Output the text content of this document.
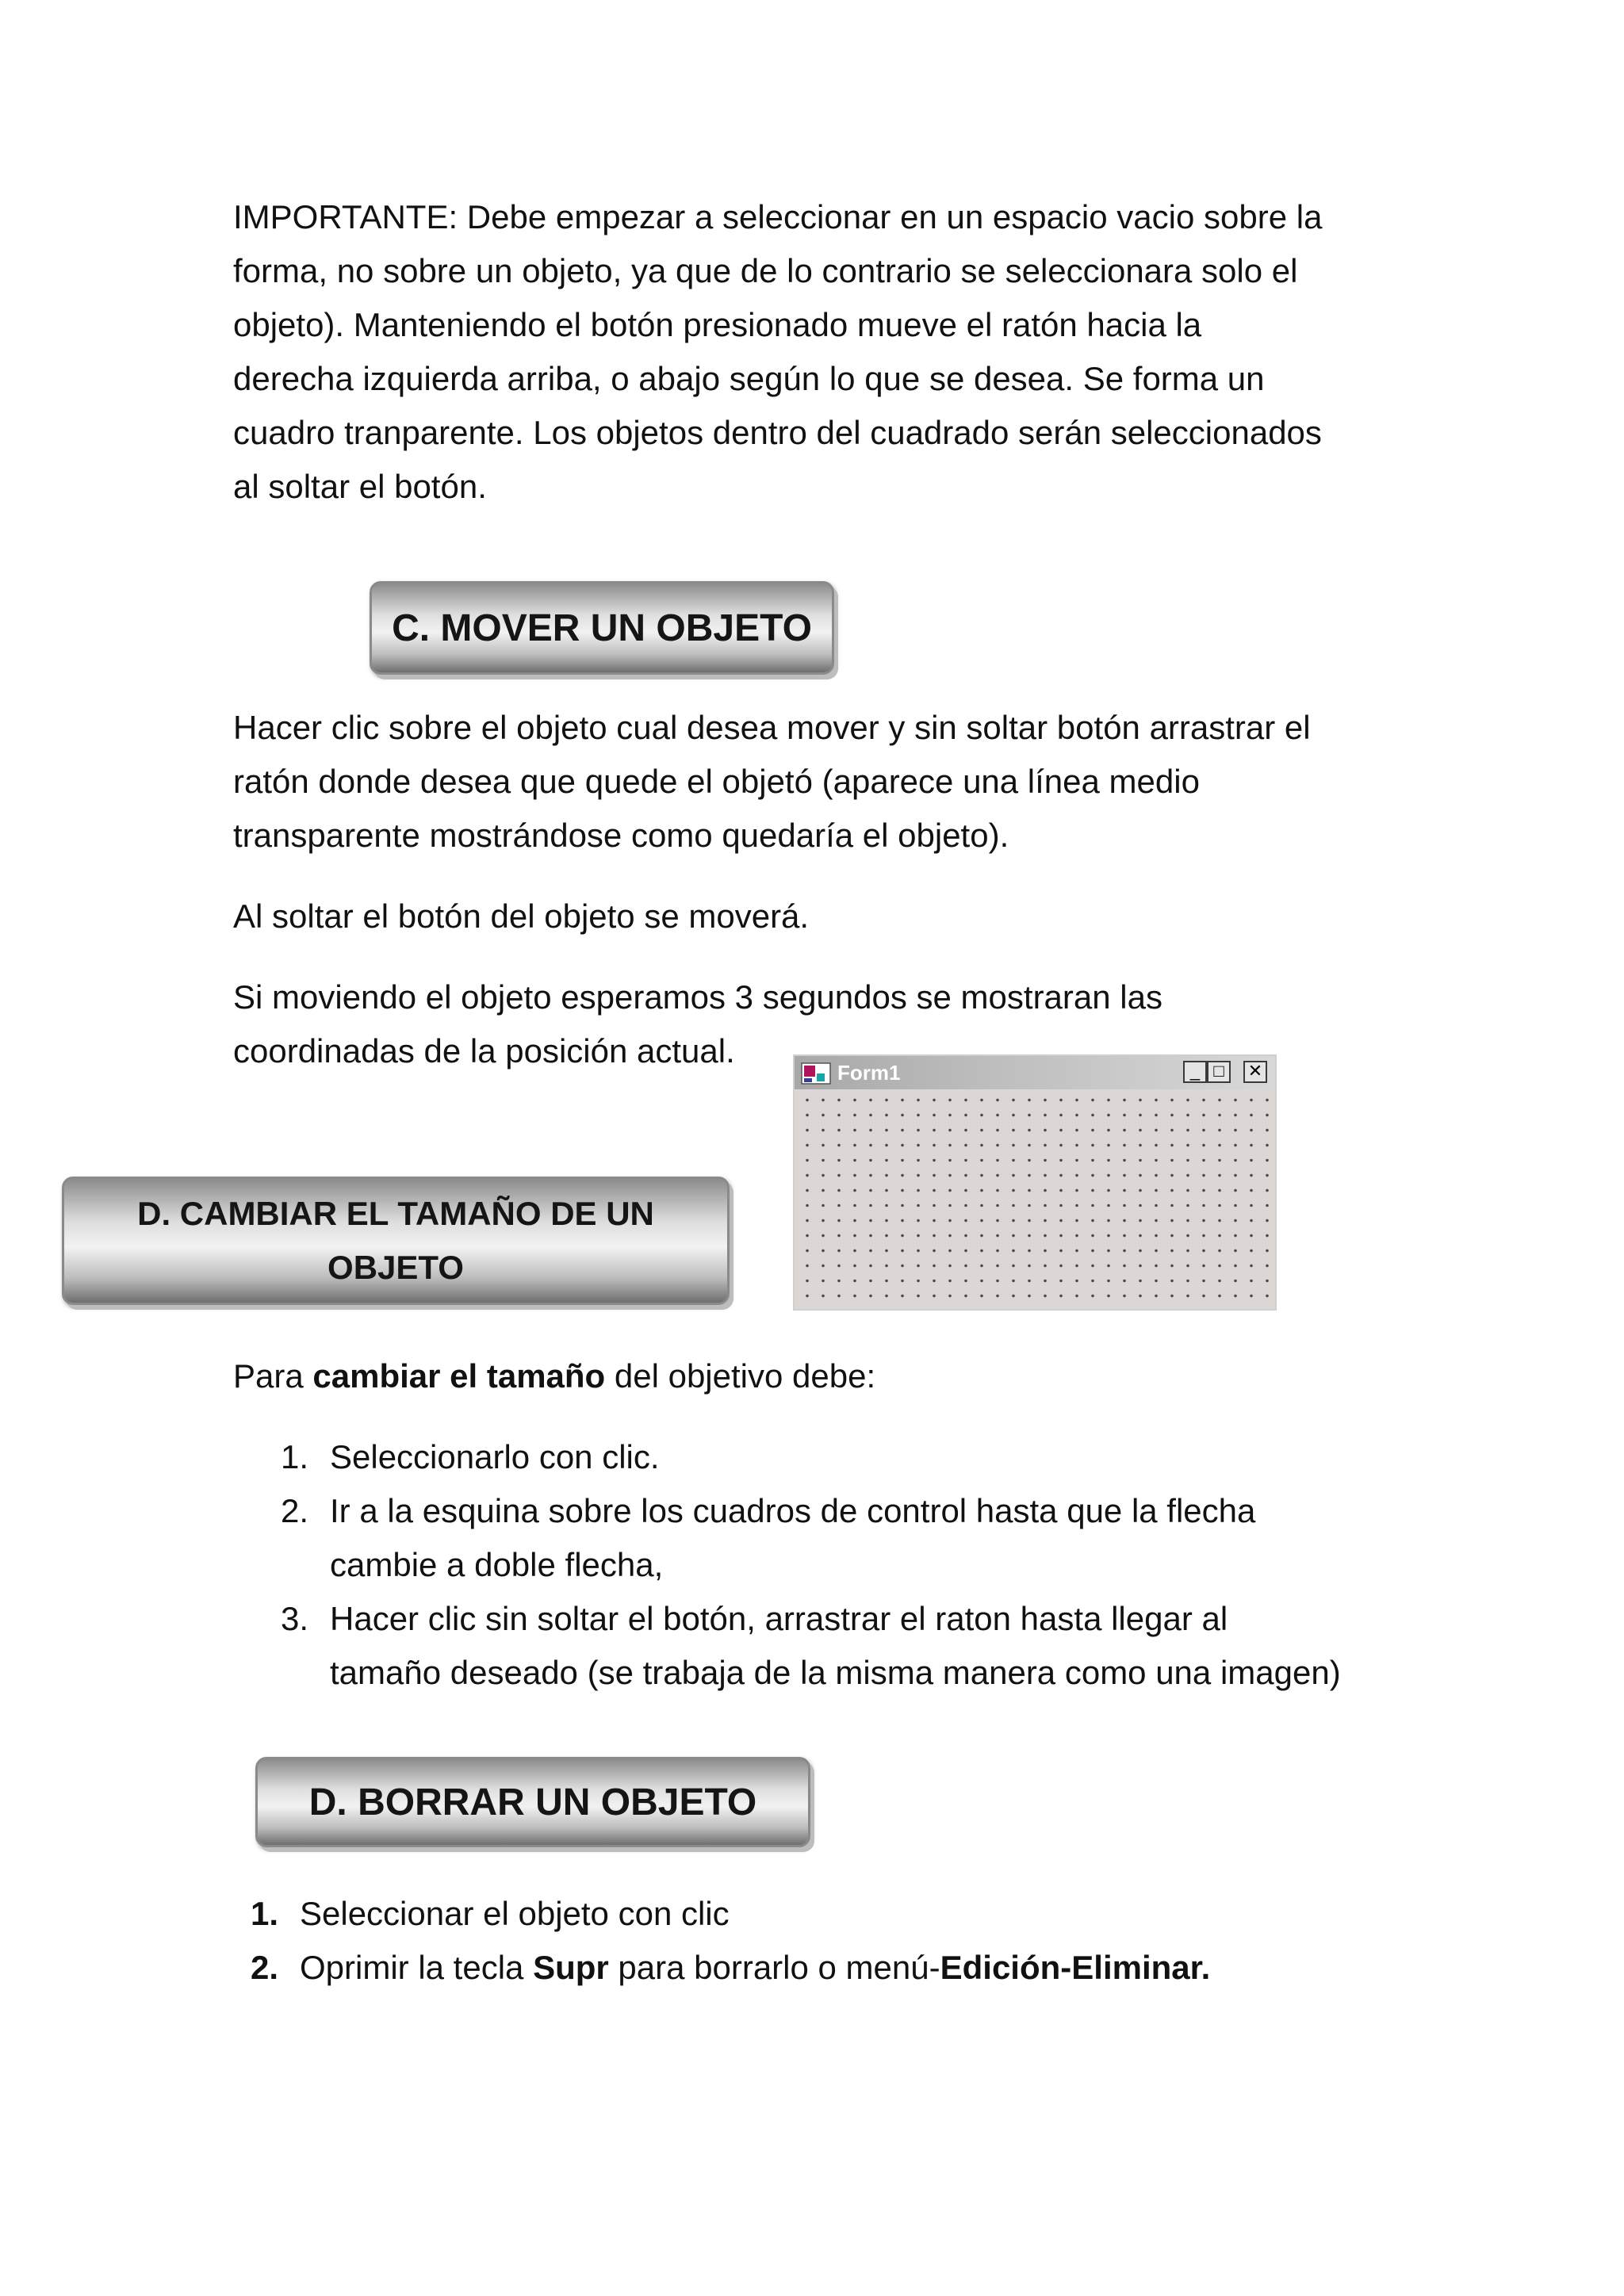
IMPORTANTE: Debe empezar a seleccionar en un espacio vacio sobre la
forma, no sobre un objeto, ya que de lo contrario se seleccionara solo el
objeto). Manteniendo el botón presionado mueve el ratón hacia la
derecha izquierda arriba, o abajo según lo que se desea. Se forma un
cuadro tranparente. Los objetos dentro del cuadrado serán seleccionados
al soltar el botón.
C. MOVER UN OBJETO
Hacer clic sobre el objeto cual desea mover y sin soltar botón arrastrar el
ratón donde desea que quede el objetó (aparece una línea medio
transparente mostrándose como quedaría el objeto).
Al soltar el botón del objeto se moverá.
Si moviendo el objeto esperamos 3 segundos se mostraran las
coordinadas de la posición actual.
Form1	_ □	✕
D. CAMBIAR EL TAMAÑO DE UN
OBJETO
Para cambiar el tamaño del objetivo debe:
1. Seleccionarlo con clic.
2. Ir a la esquina sobre los cuadros de control hasta que la flecha
cambie a doble flecha,
3. Hacer clic sin soltar el botón, arrastrar el raton hasta llegar al
tamaño deseado (se trabaja de la misma manera como una imagen)
D. BORRAR UN OBJETO
1. Seleccionar el objeto con clic
2. Oprimir la tecla Supr para borrarlo o menú-Edición-Eliminar.
